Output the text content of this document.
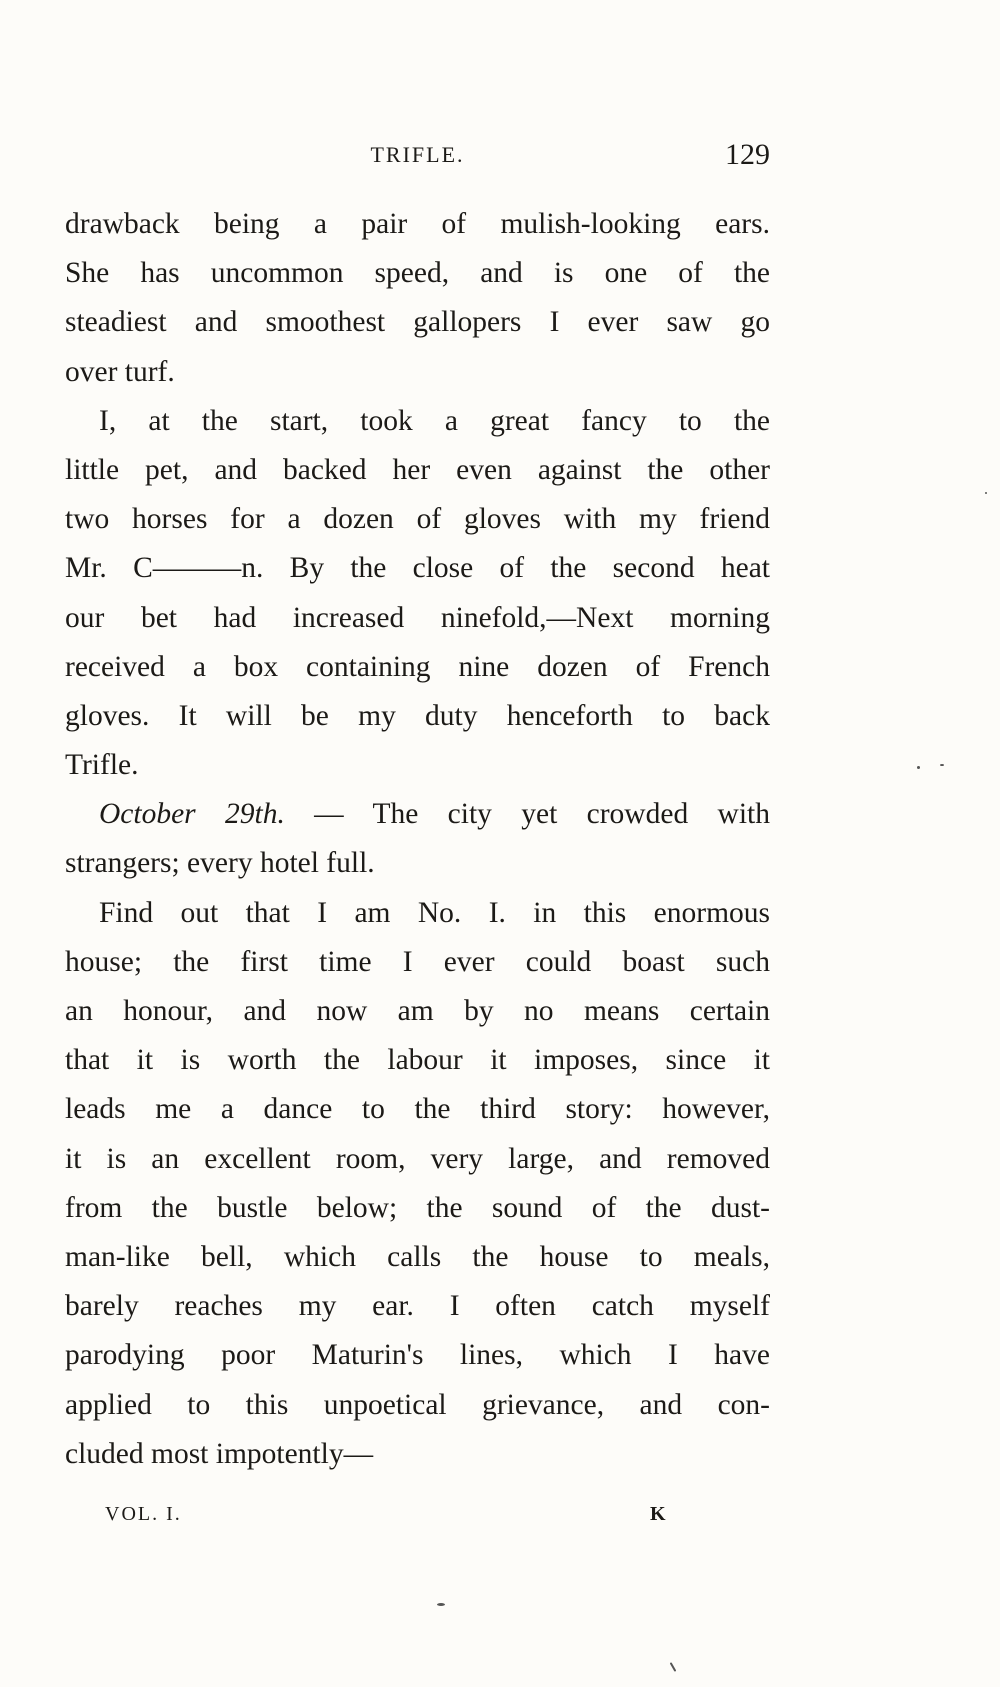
TRIFLE.	129
drawback being a pair of mulish-looking ears.
She has uncommon speed, and is one of the
steadiest and smoothest gallopers I ever saw go
over turf.
I, at the start, took a great fancy to the
little pet, and backed her even against the other
two horses for a dozen of gloves with my friend
Mr. C———n. By the close of the second heat
our bet had increased ninefold,—Next morning
received a box containing nine dozen of French
gloves. It will be my duty henceforth to back
Trifle.
October 29th. — The city yet crowded with
strangers; every hotel full.
Find out that I am No. I. in this enormous
house; the first time I ever could boast such
an honour, and now am by no means certain
that it is worth the labour it imposes, since it
leads me a dance to the third story: however,
it is an excellent room, very large, and removed
from the bustle below; the sound of the dust-
man-like bell, which calls the house to meals,
barely reaches my ear. I often catch myself
parodying poor Maturin's lines, which I have
applied to this unpoetical grievance, and con-
cluded most impotently—
VOL. I.	K
